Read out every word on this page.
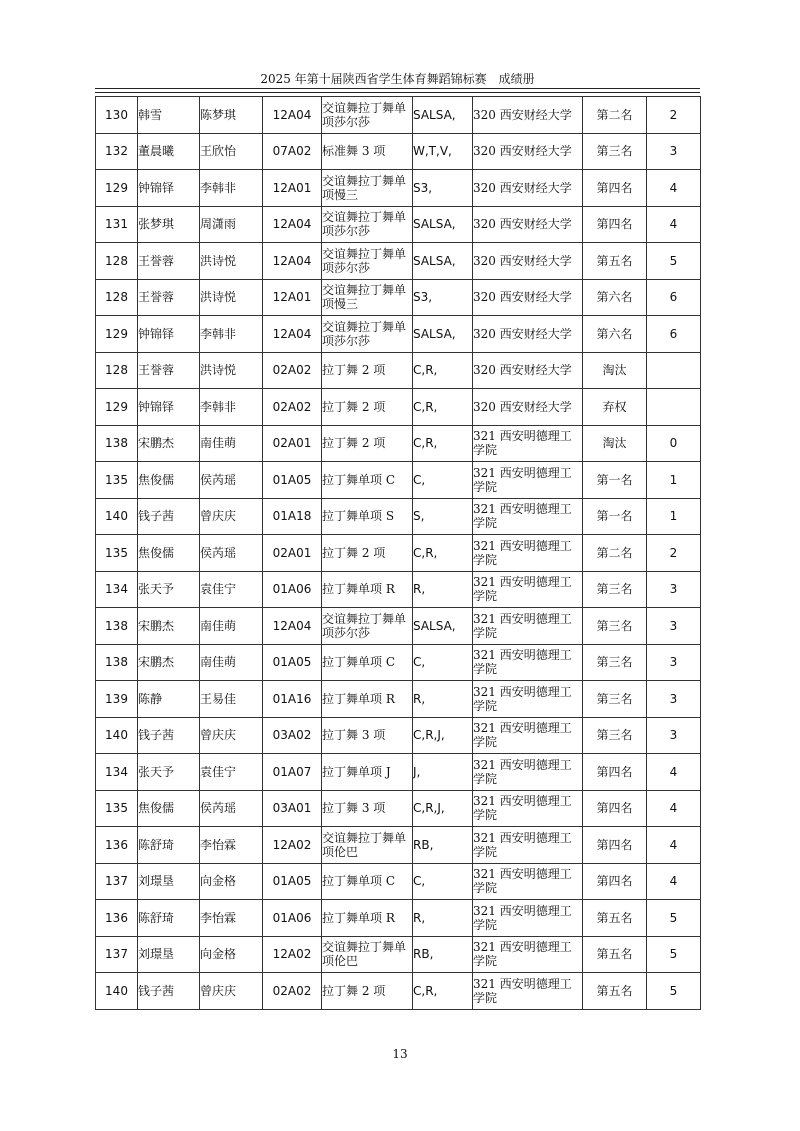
2025 年第十届陕西省学生体育舞蹈锦标赛　成绩册
130	韩雪	陈梦琪	12A04	交谊舞拉丁舞单项莎尔莎	SALSA,	320 西安财经大学	第二名	2
132	董晨曦	王欣怡	07A02	标准舞 3 项	W,T,V,	320 西安财经大学	第三名	3
129	钟锦铎	李韩非	12A01	交谊舞拉丁舞单项慢三	S3,	320 西安财经大学	第四名	4
131	张梦琪	周潇雨	12A04	交谊舞拉丁舞单项莎尔莎	SALSA,	320 西安财经大学	第四名	4
128	王誉蓉	洪诗悦	12A04	交谊舞拉丁舞单项莎尔莎	SALSA,	320 西安财经大学	第五名	5
128	王誉蓉	洪诗悦	12A01	交谊舞拉丁舞单项慢三	S3,	320 西安财经大学	第六名	6
129	钟锦铎	李韩非	12A04	交谊舞拉丁舞单项莎尔莎	SALSA,	320 西安财经大学	第六名	6
128	王誉蓉	洪诗悦	02A02	拉丁舞 2 项	C,R,	320 西安财经大学	淘汰	
129	钟锦铎	李韩非	02A02	拉丁舞 2 项	C,R,	320 西安财经大学	弃权	
138	宋鹏杰	南佳萌	02A01	拉丁舞 2 项	C,R,	321 西安明德理工学院	淘汰	0
135	焦俊儒	侯芮瑶	01A05	拉丁舞单项 C	C,	321 西安明德理工学院	第一名	1
140	钱子茜	曾庆庆	01A18	拉丁舞单项 S	S,	321 西安明德理工学院	第一名	1
135	焦俊儒	侯芮瑶	02A01	拉丁舞 2 项	C,R,	321 西安明德理工学院	第二名	2
134	张天予	袁佳宁	01A06	拉丁舞单项 R	R,	321 西安明德理工学院	第三名	3
138	宋鹏杰	南佳萌	12A04	交谊舞拉丁舞单项莎尔莎	SALSA,	321 西安明德理工学院	第三名	3
138	宋鹏杰	南佳萌	01A05	拉丁舞单项 C	C,	321 西安明德理工学院	第三名	3
139	陈静	王易佳	01A16	拉丁舞单项 R	R,	321 西安明德理工学院	第三名	3
140	钱子茜	曾庆庆	03A02	拉丁舞 3 项	C,R,J,	321 西安明德理工学院	第三名	3
134	张天予	袁佳宁	01A07	拉丁舞单项 J	J,	321 西安明德理工学院	第四名	4
135	焦俊儒	侯芮瑶	03A01	拉丁舞 3 项	C,R,J,	321 西安明德理工学院	第四名	4
136	陈舒琦	李怡霖	12A02	交谊舞拉丁舞单项伦巴	RB,	321 西安明德理工学院	第四名	4
137	刘璟垦	向金格	01A05	拉丁舞单项 C	C,	321 西安明德理工学院	第四名	4
136	陈舒琦	李怡霖	01A06	拉丁舞单项 R	R,	321 西安明德理工学院	第五名	5
137	刘璟垦	向金格	12A02	交谊舞拉丁舞单项伦巴	RB,	321 西安明德理工学院	第五名	5
140	钱子茜	曾庆庆	02A02	拉丁舞 2 项	C,R,	321 西安明德理工学院	第五名	5
13
